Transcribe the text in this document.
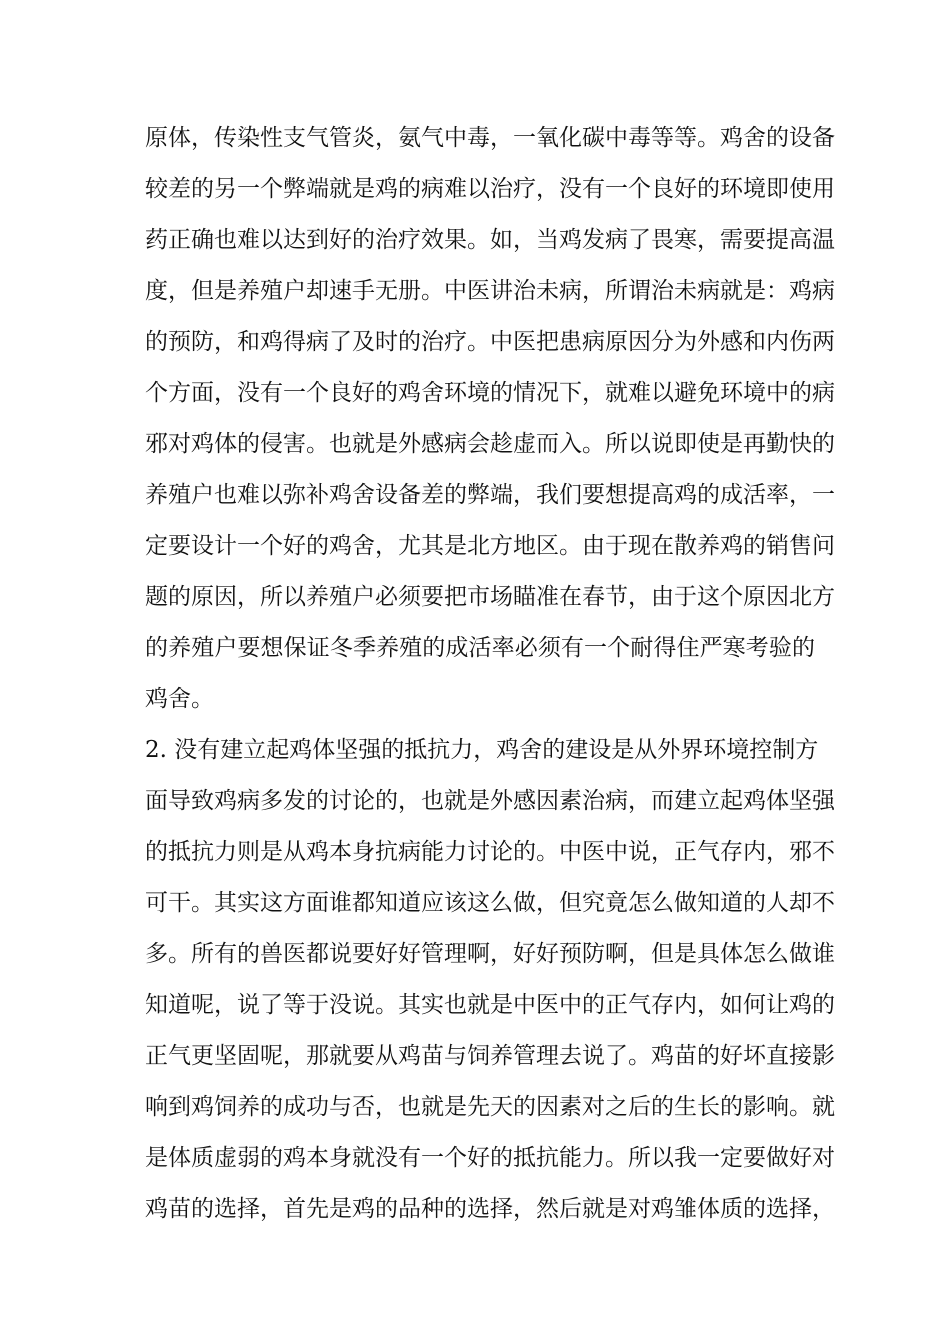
原体，传染性支气管炎，氨气中毒，一氧化碳中毒等等。鸡舍的设备
较差的另一个弊端就是鸡的病难以治疗，没有一个良好的环境即使用
药正确也难以达到好的治疗效果。如，当鸡发病了畏寒，需要提高温
度，但是养殖户却速手无册。中医讲治未病，所谓治未病就是：鸡病
的预防，和鸡得病了及时的治疗。中医把患病原因分为外感和内伤两
个方面，没有一个良好的鸡舍环境的情况下，就难以避免环境中的病
邪对鸡体的侵害。也就是外感病会趁虚而入。所以说即使是再勤快的
养殖户也难以弥补鸡舍设备差的弊端，我们要想提高鸡的成活率，一
定要设计一个好的鸡舍，尤其是北方地区。由于现在散养鸡的销售问
题的原因，所以养殖户必须要把市场瞄准在春节，由于这个原因北方
的养殖户要想保证冬季养殖的成活率必须有一个耐得住严寒考验的
鸡舍。
2. 没有建立起鸡体坚强的抵抗力，鸡舍的建设是从外界环境控制方
面导致鸡病多发的讨论的，也就是外感因素治病，而建立起鸡体坚强
的抵抗力则是从鸡本身抗病能力讨论的。中医中说，正气存内，邪不
可干。其实这方面谁都知道应该这么做，但究竟怎么做知道的人却不
多。所有的兽医都说要好好管理啊，好好预防啊，但是具体怎么做谁
知道呢，说了等于没说。其实也就是中医中的正气存内，如何让鸡的
正气更坚固呢，那就要从鸡苗与饲养管理去说了。鸡苗的好坏直接影
响到鸡饲养的成功与否，也就是先天的因素对之后的生长的影响。就
是体质虚弱的鸡本身就没有一个好的抵抗能力。所以我一定要做好对
鸡苗的选择，首先是鸡的品种的选择，然后就是对鸡雏体质的选择，
